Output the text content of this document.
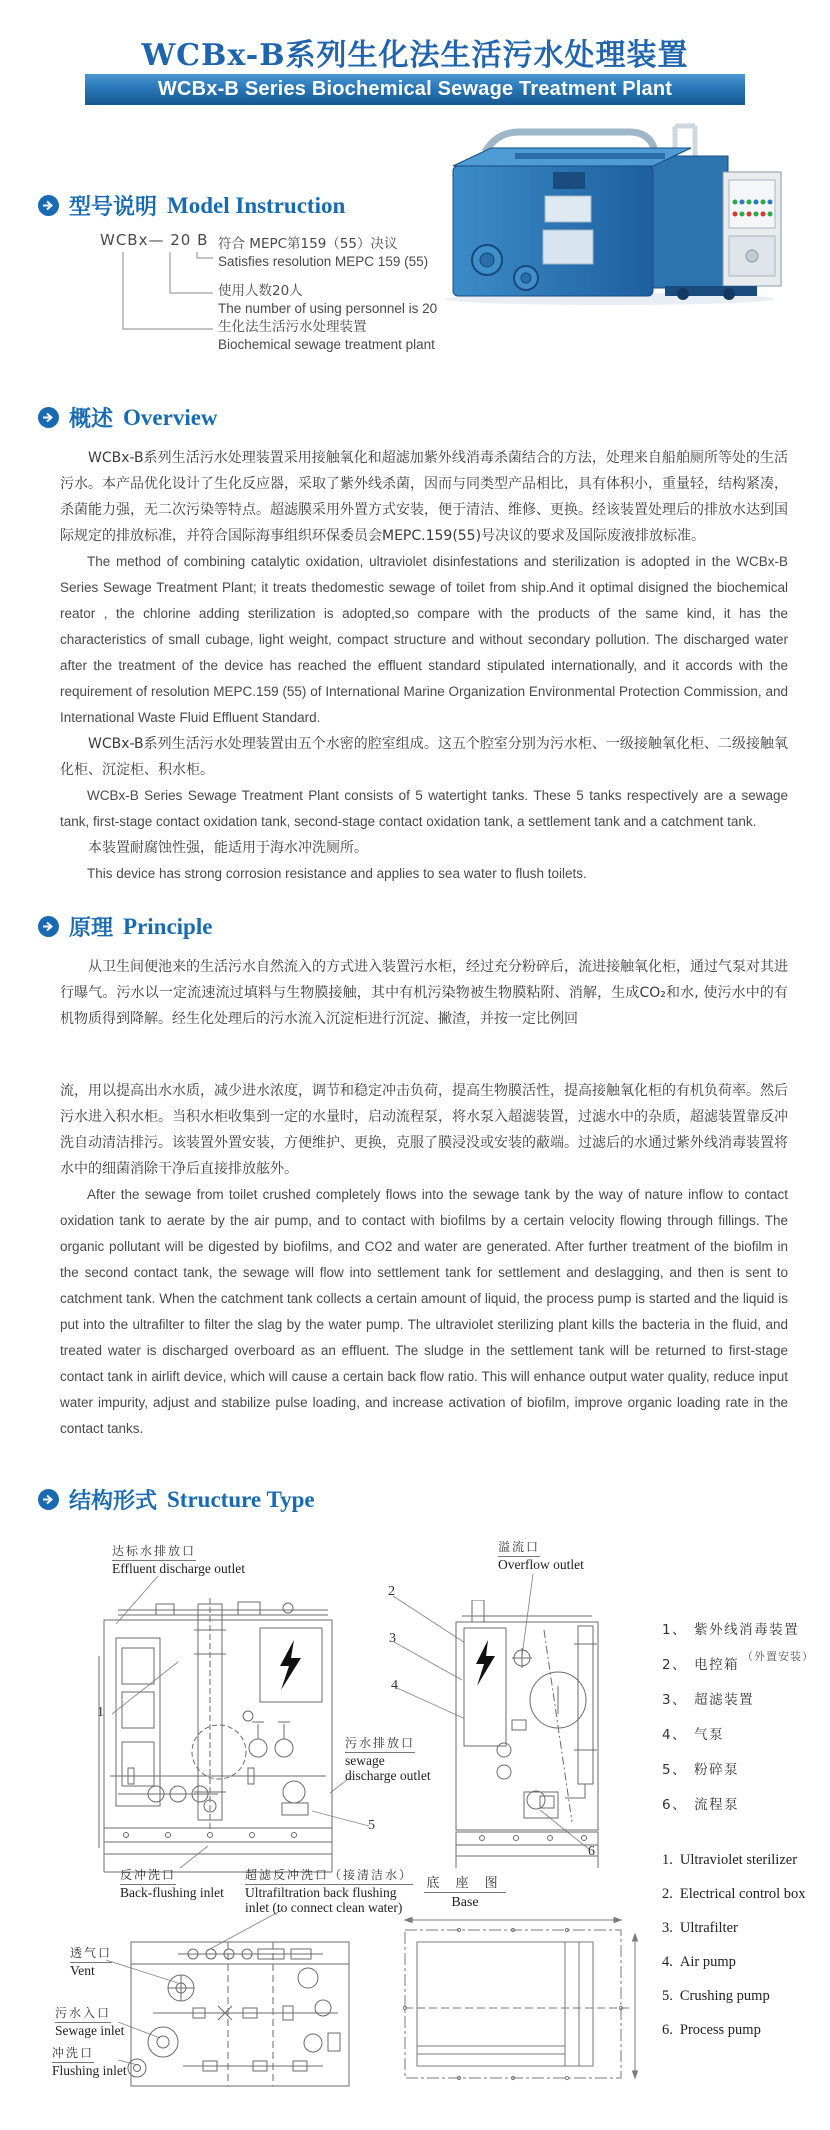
WCBx-B系列生化法生活污水处理装置
WCBx-B Series Biochemical Sewage Treatment Plant
型号说明 Model Instruction
WCBx— 20 B 符合 MEPC第159（55）决议
Satisfies resolution MEPC 159 (55)
使用人数20人
The number of using personnel is 20
生化法生活污水处理装置
Biochemical sewage treatment plant
概述 Overview

WCBx-B系列生活污水处理装置采用接触氧化和超滤加紫外线消毒杀菌结合的方法，处理来自船舶厕所等处的生活污水。本产品优化设计了生化反应器，采取了紫外线杀菌，因而与同类型产品相比，具有体积小，重量轻，结构紧凑，杀菌能力强，无二次污染等特点。超滤膜采用外置方式安装，便于清洁、维修、更换。经该装置处理后的排放水达到国际规定的排放标准，并符合国际海事组织环保委员会MEPC.159(55)号决议的要求及国际废液排放标准。

The method of combining catalytic oxidation, ultraviolet disinfestations and sterilization is adopted in the WCBx-B Series Sewage Treatment Plant; it treats thedomestic sewage of toilet from ship.And it optimal disigned the biochemical reator , the chlorine adding sterilization is adopted,so compare with the products of the same kind, it has the characteristics of small cubage, light weight, compact structure and without secondary pollution. The discharged water after the treatment of the device has reached the effluent standard stipulated internationally, and it accords with the requirement of resolution MEPC.159 (55) of International Marine Organization Environmental Protection Commission, and International Waste Fluid Effluent Standard.

WCBx-B系列生活污水处理装置由五个水密的腔室组成。这五个腔室分别为污水柜、一级接触氧化柜、二级接触氧化柜、沉淀柜、积水柜。

WCBx-B Series Sewage Treatment Plant consists of 5 watertight tanks. These 5 tanks respectively are a sewage tank, first-stage contact oxidation tank, second-stage contact oxidation tank, a settlement tank and a catchment tank.

本装置耐腐蚀性强，能适用于海水冲洗厕所。

This device has strong corrosion resistance and applies to sea water to flush toilets.

原理 Principle

从卫生间便池来的生活污水自然流入的方式进入装置污水柜，经过充分粉碎后，流进接触氧化柜，通过气泵对其进行曝气。污水以一定流速流过填料与生物膜接触，其中有机污染物被生物膜粘附、消解，生成CO₂和水, 使污水中的有机物质得到降解。经生化处理后的污水流入沉淀柜进行沉淀、撇渣，并按一定比例回

流，用以提高出水水质，减少进水浓度，调节和稳定冲击负荷，提高生物膜活性，提高接触氧化柜的有机负荷率。然后污水进入积水柜。当积水柜收集到一定的水量时，启动流程泵，将水泵入超滤装置，过滤水中的杂质，超滤装置靠反冲洗自动清洁排污。该装置外置安装，方便维护、更换，克服了膜浸没或安装的蔽端。过滤后的水通过紫外线消毒装置将水中的细菌消除干净后直接排放舷外。

After the sewage from toilet crushed completely flows into the sewage tank by the way of nature inflow to contact oxidation tank to aerate by the air pump, and to contact with biofilms by a certain velocity flowing through fillings. The organic pollutant will be digested by biofilms, and CO2 and water are generated. After further treatment of the biofilm in the second contact tank, the sewage will flow into settlement tank for settlement and deslagging, and then is sent to catchment tank. When the catchment tank collects a certain amount of liquid, the process pump is started and the liquid is put into the ultrafilter to filter the slag by the water pump. The ultraviolet sterilizing plant kills the bacteria in the fluid, and treated water is discharged overboard as an effluent. The sludge in the settlement tank will be returned to first-stage contact tank in airlift device, which will cause a certain back flow ratio. This will enhance output water quality, reduce input water impurity, adjust and stabilize pulse loading, and increase activation of biofilm, improve organic loading rate in the contact tanks.

结构形式 Structure Type
达标水排放口
Effluent discharge outlet
溢流口
Overflow outlet
污水排放口
sewage discharge outlet
反冲洗口
Back-flushing inlet
超滤反冲洗口（接清洁水）
Ultrafiltration back flushing inlet (to connect clean water)
底 座 图
Base
透气口
Vent
污水入口
Sewage inlet
冲洗口
Flushing inlet
1
2
3
4
5
6
1、 紫外线消毒装置
2、 电控箱
3、 超滤装置
4、 气泵
5、 粉碎泵
6、 流程泵
（外置安装）
1. Ultraviolet sterilizer
2. Electrical control box
3. Ultrafilter
4. Air pump
5. Crushing pump
6. Process pump
